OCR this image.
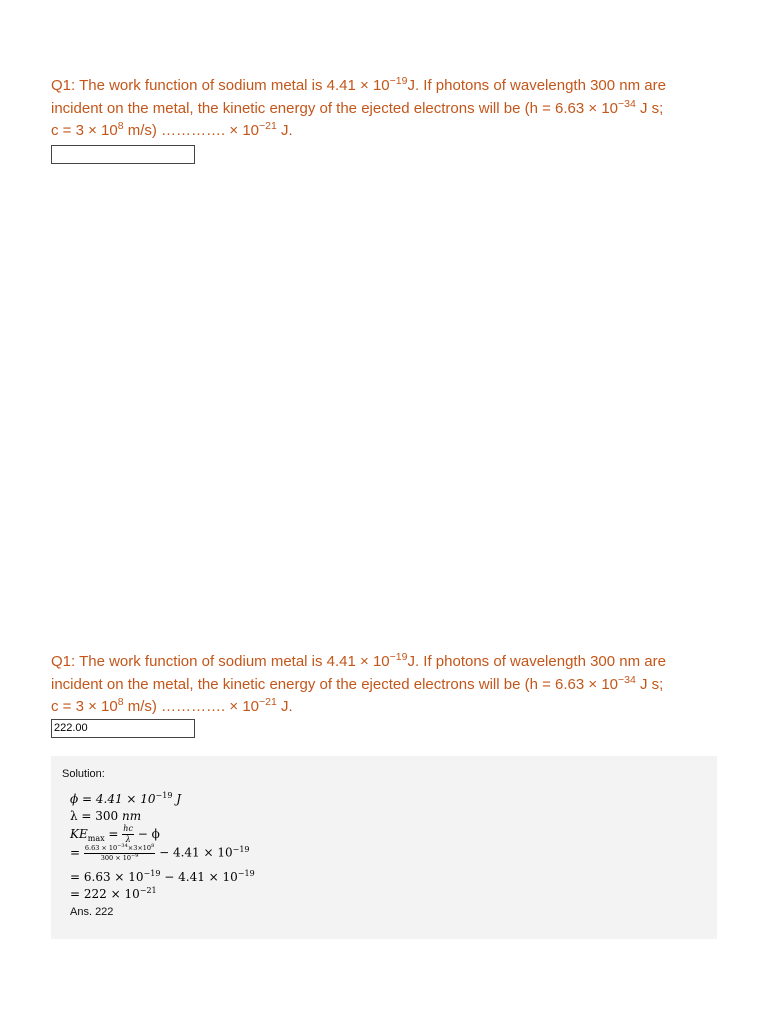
Q1: The work function of sodium metal is $4.41 \times 10^{-19}J$. If photons of wavelength 300 nm are
incident on the metal, the kinetic energy of the ejected electrons will be ($h = 6.63 \times 10^{-34}$ J s;
$c = 3 \times 10^8$ m/s) …………. × $10^{-21}$ J.
Q1: The work function of sodium metal is $4.41 \times 10^{-19}J$. If photons of wavelength 300 nm are
incident on the metal, the kinetic energy of the ejected electrons will be ($h = 6.63 \times 10^{-34}$ J s;
$c = 3 \times 10^8$ m/s) …………. × $10^{-21}$ J.
222.00
Solution:
$\phi = 4.41 \times 10^{-19}$ J
λ = 300 nm
$KE_{max} = \frac{hc}{\lambda} - \phi$
= $\frac{6.63 \times 10^{-34}\times 3\times 10^8}{300 \times 10^{-9}} - 4.41 \times 10^{-19}$
= $6.63 \times 10^{-19} - 4.41 \times 10^{-19}$
= $222 \times 10^{-21}$
Ans. 222
